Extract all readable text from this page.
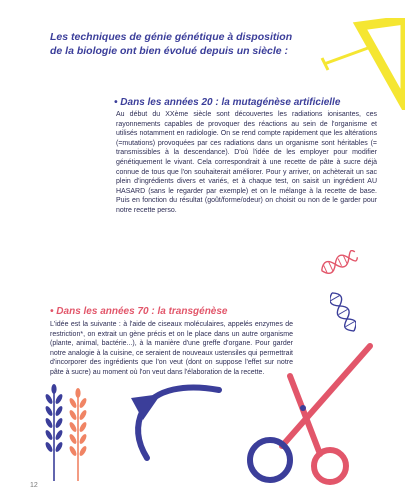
Les techniques de génie génétique à disposition de la biologie ont bien évolué depuis un siècle :
• Dans les années 20 : la mutagénèse artificielle
Au début du XXème siècle sont découvertes les radiations ionisantes, ces rayonnements capables de provoquer des réactions au sein de l'organisme et utilisés notamment en radiologie. On se rend compte rapidement que les altérations (=mutations) provoquées par ces radiations dans un organisme sont héritables (= transmissibles à la descendance). D'où l'idée de les employer pour modifier génétiquement le vivant. Cela correspondrait à une recette de pâte à sucre déjà connue de tous que l'on souhaiterait améliorer. Pour y arriver, on achèterait un sac plein d'ingrédients divers et variés, et à chaque test, on saisit un ingrédient AU HASARD (sans le regarder par exemple) et on le mélange à la recette de base. Puis en fonction du résultat (goût/forme/odeur) on choisit ou non de le garder pour notre recette perso.
• Dans les années 70 : la transgénèse
L'idée est la suivante : à l'aide de ciseaux moléculaires, appelés enzymes de restriction*, on extrait un gène précis et on le place dans un autre organisme (plante, animal, bactérie...), à la manière d'une greffe d'organe. Pour garder notre analogie à la cuisine, ce seraient de nouveaux ustensiles qui permettrait d'incorporer des ingrédients que l'on veut (dont on suppose l'effet sur notre pâte à sucre) au moment où l'on veut dans l'élaboration de la recette.
12
